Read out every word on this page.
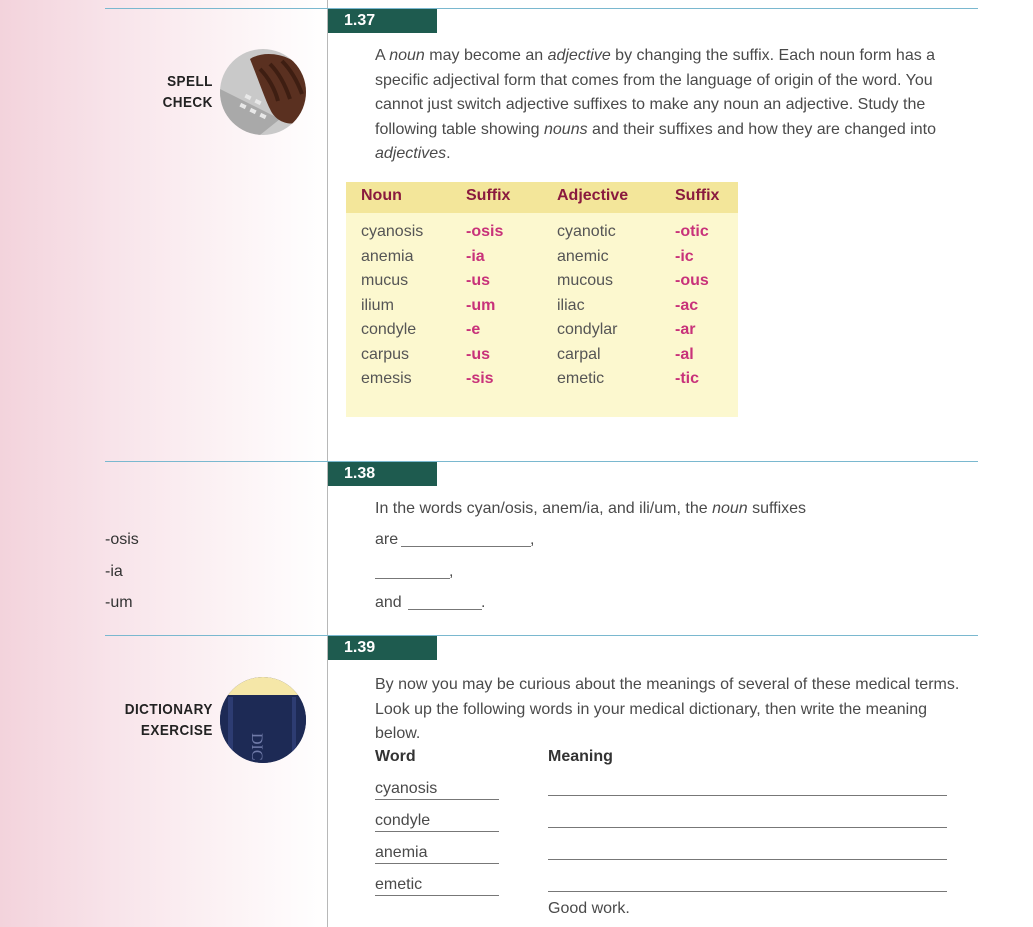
1.37
SPELL
CHECK
A noun may become an adjective by changing the suffix. Each noun form has a specific adjectival form that comes from the language of origin of the word. You cannot just switch adjective suffixes to make any noun an adjective. Study the following table showing nouns and their suffixes and how they are changed into adjectives.
Noun	Suffix	Adjective	Suffix
cyanosis	-osis	cyanotic	-otic
anemia	-ia	anemic	-ic
mucus	-us	mucous	-ous
ilium	-um	iliac	-ac
condyle	-e	condylar	-ar
carpus	-us	carpal	-al
emesis	-sis	emetic	-tic
1.38
-osis
-ia
-um
In the words cyan/osis, anem/ia, and ili/um, the noun suffixes
are	,
,
and	.
1.39
DICTIONARY
EXERCISE
DIC
By now you may be curious about the meanings of several of these medical terms. Look up the following words in your medical dictionary, then write the meaning below.
Word	Meaning
cyanosis
condyle
anemia
emetic
Good work.
